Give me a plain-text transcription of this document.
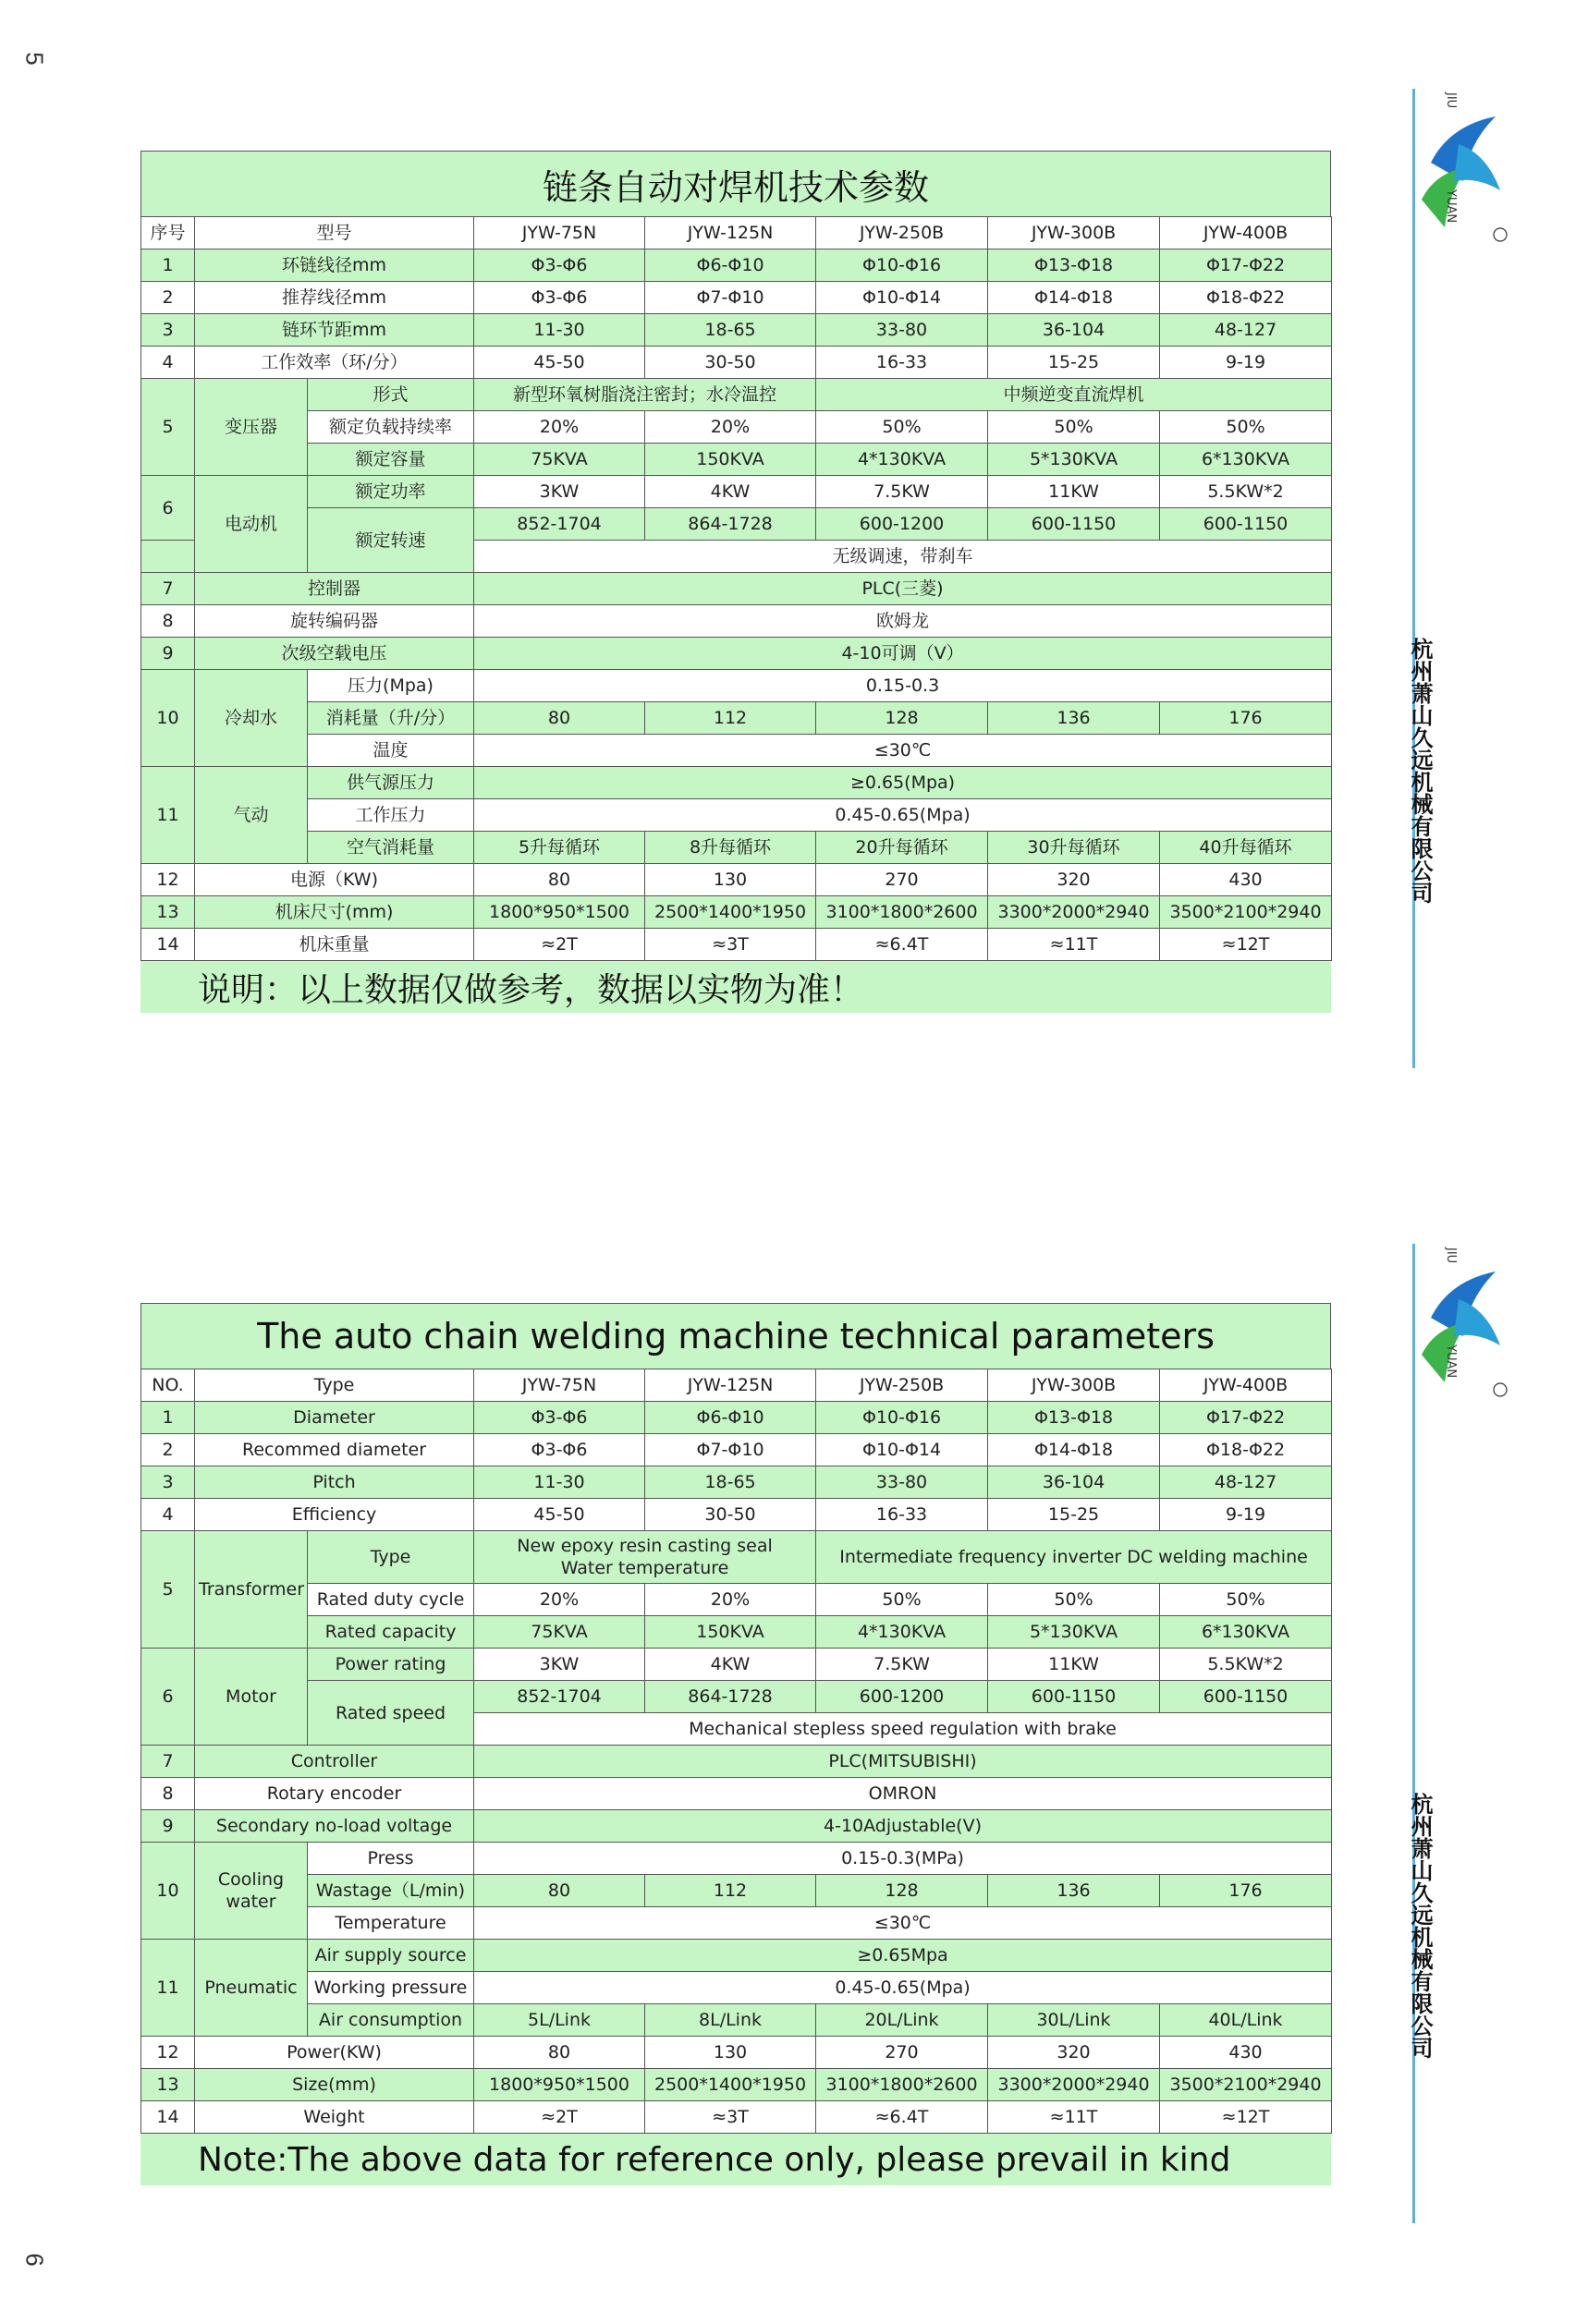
5
6
JIU
YUAN
杭州萧山久远机械有限公司
JIU
YUAN
杭州萧山久远机械有限公司
链条自动对焊机技术参数
序号	型号		JYW-75N	JYW-125N	JYW-250B	JYW-300B	JYW-400B
1	环链线径mm		Φ3-Φ6	Φ6-Φ10	Φ10-Φ16	Φ13-Φ18	Φ17-Φ22
2	推荐线径mm		Φ3-Φ6	Φ7-Φ10	Φ10-Φ14	Φ14-Φ18	Φ18-Φ22
3	链环节距mm		11-30	18-65	33-80	36-104	48-127
4	工作效率（环/分）		45-50	30-50	16-33	15-25	9-19
5	变压器	形式	新型环氧树脂浇注密封；水冷温控		中频逆变直流焊机		
		额定负载持续率	20%	20%	50%	50%	50%
		额定容量	75KVA	150KVA	4*130KVA	5*130KVA	6*130KVA
6	电动机	额定功率	3KW	4KW	7.5KW	11KW	5.5KW*2
		额定转速	852-1704	864-1728	600-1200	600-1150	600-1150
			无级调速，带刹车				
7	控制器		PLC(三菱)				
8	旋转编码器		欧姆龙				
9	次级空载电压		4-10可调（V）				
10	冷却水	压力(Mpa)	0.15-0.3				
		消耗量（升/分）	80	112	128	136	176
		温度	≤30℃				
11	气动	供气源压力	≥0.65(Mpa)				
		工作压力	0.45-0.65(Mpa)				
		空气消耗量	5升每循环	8升每循环	20升每循环	30升每循环	40升每循环
12	电源（KW)		80	130	270	320	430
13	机床尺寸(mm)		1800*950*1500	2500*1400*1950	3100*1800*2600	3300*2000*2940	3500*2100*2940
14	机床重量		≈2T	≈3T	≈6.4T	≈11T	≈12T
说明：以上数据仅做参考，数据以实物为准！
The auto chain welding machine technical parameters
NO.	Type		JYW-75N	JYW-125N	JYW-250B	JYW-300B	JYW-400B
1	Diameter		Φ3-Φ6	Φ6-Φ10	Φ10-Φ16	Φ13-Φ18	Φ17-Φ22
2	Recommed diameter		Φ3-Φ6	Φ7-Φ10	Φ10-Φ14	Φ14-Φ18	Φ18-Φ22
3	Pitch		11-30	18-65	33-80	36-104	48-127
4	Efficiency		45-50	30-50	16-33	15-25	9-19
5	Transformer	Type	New epoxy resin casting seal
Water temperature		Intermediate frequency inverter DC welding machine		
		Rated duty cycle	20%	20%	50%	50%	50%
		Rated capacity	75KVA	150KVA	4*130KVA	5*130KVA	6*130KVA
6	Motor	Power rating	3KW	4KW	7.5KW	11KW	5.5KW*2
		Rated speed	852-1704	864-1728	600-1200	600-1150	600-1150
			Mechanical stepless speed regulation with brake				
7	Controller		PLC(MITSUBISHI)				
8	Rotary encoder		OMRON				
9	Secondary no-load voltage		4-10Adjustable(V)				
10	Cooling
water	Press	0.15-0.3(MPa)				
		Wastage（L/min)	80	112	128	136	176
		Temperature	≤30℃				
11	Pneumatic	Air supply source	≥0.65Mpa				
		Working pressure	0.45-0.65(Mpa)				
		Air consumption	5L/Link	8L/Link	20L/Link	30L/Link	40L/Link
12	Power(KW)		80	130	270	320	430
13	Size(mm)		1800*950*1500	2500*1400*1950	3100*1800*2600	3300*2000*2940	3500*2100*2940
14	Weight		≈2T	≈3T	≈6.4T	≈11T	≈12T
Note:The above data for reference only, please prevail in kind
